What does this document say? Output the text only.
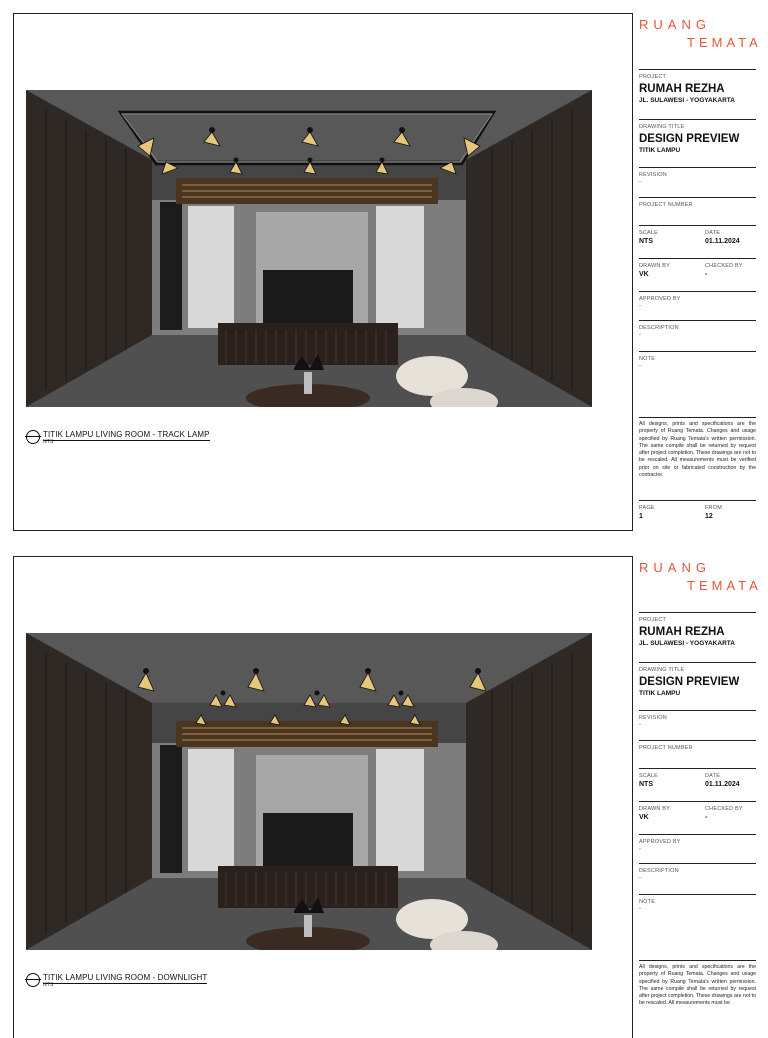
TITIK LAMPU LIVING ROOM - TRACK LAMP
NTS
RUANG
TEMATA
PROJECT
RUMAH REZHA
JL. SULAWESI - YOGYAKARTA
DRAWING TITLE
DESIGN PREVIEW
TITIK LAMPU
REVISION
-
PROJECT NUMBER
SCALE
NTS
DATE
01.11.2024
DRAWN BY
VK
CHECKED BY
-
APPROVED BY
-
DESCRIPTION
-
NOTE
-
All designs, prints and specifications are the property of Ruang Temata. Changes and usage specified by Ruang Temata's written permission. The same compile shall be returned by request after project completion. These drawings are not to be rescaled. All measurements must be verified prior on site or fabricated construction by the contractor.
PAGE
1
FROM
12
TITIK LAMPU LIVING ROOM - DOWNLIGHT
NTS
RUANG
TEMATA
PROJECT
RUMAH REZHA
JL. SULAWESI - YOGYAKARTA
DRAWING TITLE
DESIGN PREVIEW
TITIK LAMPU
REVISION
-
PROJECT NUMBER
SCALE
NTS
DATE
01.11.2024
DRAWN BY
VK
CHECKED BY
-
APPROVED BY
-
DESCRIPTION
-
NOTE
-
All designs, prints and specifications are the property of Ruang Temata. Changes and usage specified by Ruang Temata's written permission. The same compile shall be returned by request after project completion. These drawings are not to be rescaled. All measurements must be
